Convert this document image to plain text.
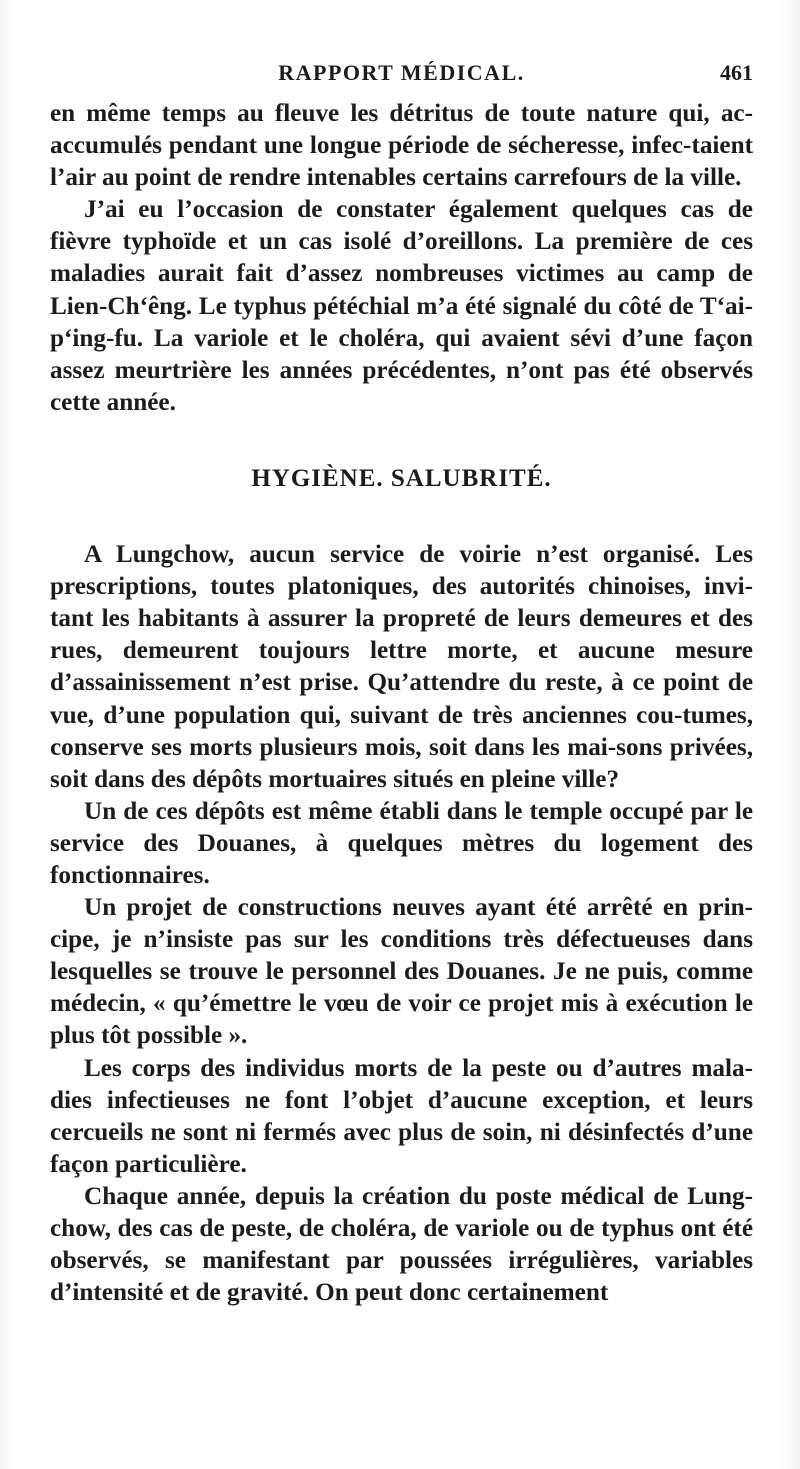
RAPPORT MÉDICAL.	461

en même temps au fleuve les détritus de toute nature qui, ac-accumulés pendant une longue période de sécheresse, infec-taient l’air au point de rendre intenables certains carrefours de la ville.

J’ai eu l’occasion de constater également quelques cas de fièvre typhoïde et un cas isolé d’oreillons. La première de ces maladies aurait fait d’assez nombreuses victimes au camp de Lien-Ch‘êng. Le typhus pétéchial m’a été signalé du côté de T‘ai-p‘ing-fu. La variole et le choléra, qui avaient sévi d’une façon assez meurtrière les années précédentes, n’ont pas été observés cette année.

HYGIÈNE. SALUBRITÉ.

A Lungchow, aucun service de voirie n’est organisé. Les prescriptions, toutes platoniques, des autorités chinoises, invi-tant les habitants à assurer la propreté de leurs demeures et des rues, demeurent toujours lettre morte, et aucune mesure d’assainissement n’est prise. Qu’attendre du reste, à ce point de vue, d’une population qui, suivant de très anciennes cou-tumes, conserve ses morts plusieurs mois, soit dans les mai-sons privées, soit dans des dépôts mortuaires situés en pleine ville?

Un de ces dépôts est même établi dans le temple occupé par le service des Douanes, à quelques mètres du logement des fonctionnaires.

Un projet de constructions neuves ayant été arrêté en prin-cipe, je n’insiste pas sur les conditions très défectueuses dans lesquelles se trouve le personnel des Douanes. Je ne puis, comme médecin, « qu’émettre le vœu de voir ce projet mis à exécution le plus tôt possible ».

Les corps des individus morts de la peste ou d’autres mala-dies infectieuses ne font l’objet d’aucune exception, et leurs cercueils ne sont ni fermés avec plus de soin, ni désinfectés d’une façon particulière.

Chaque année, depuis la création du poste médical de Lung-chow, des cas de peste, de choléra, de variole ou de typhus ont été observés, se manifestant par poussées irrégulières, variables d’intensité et de gravité. On peut donc certainement
